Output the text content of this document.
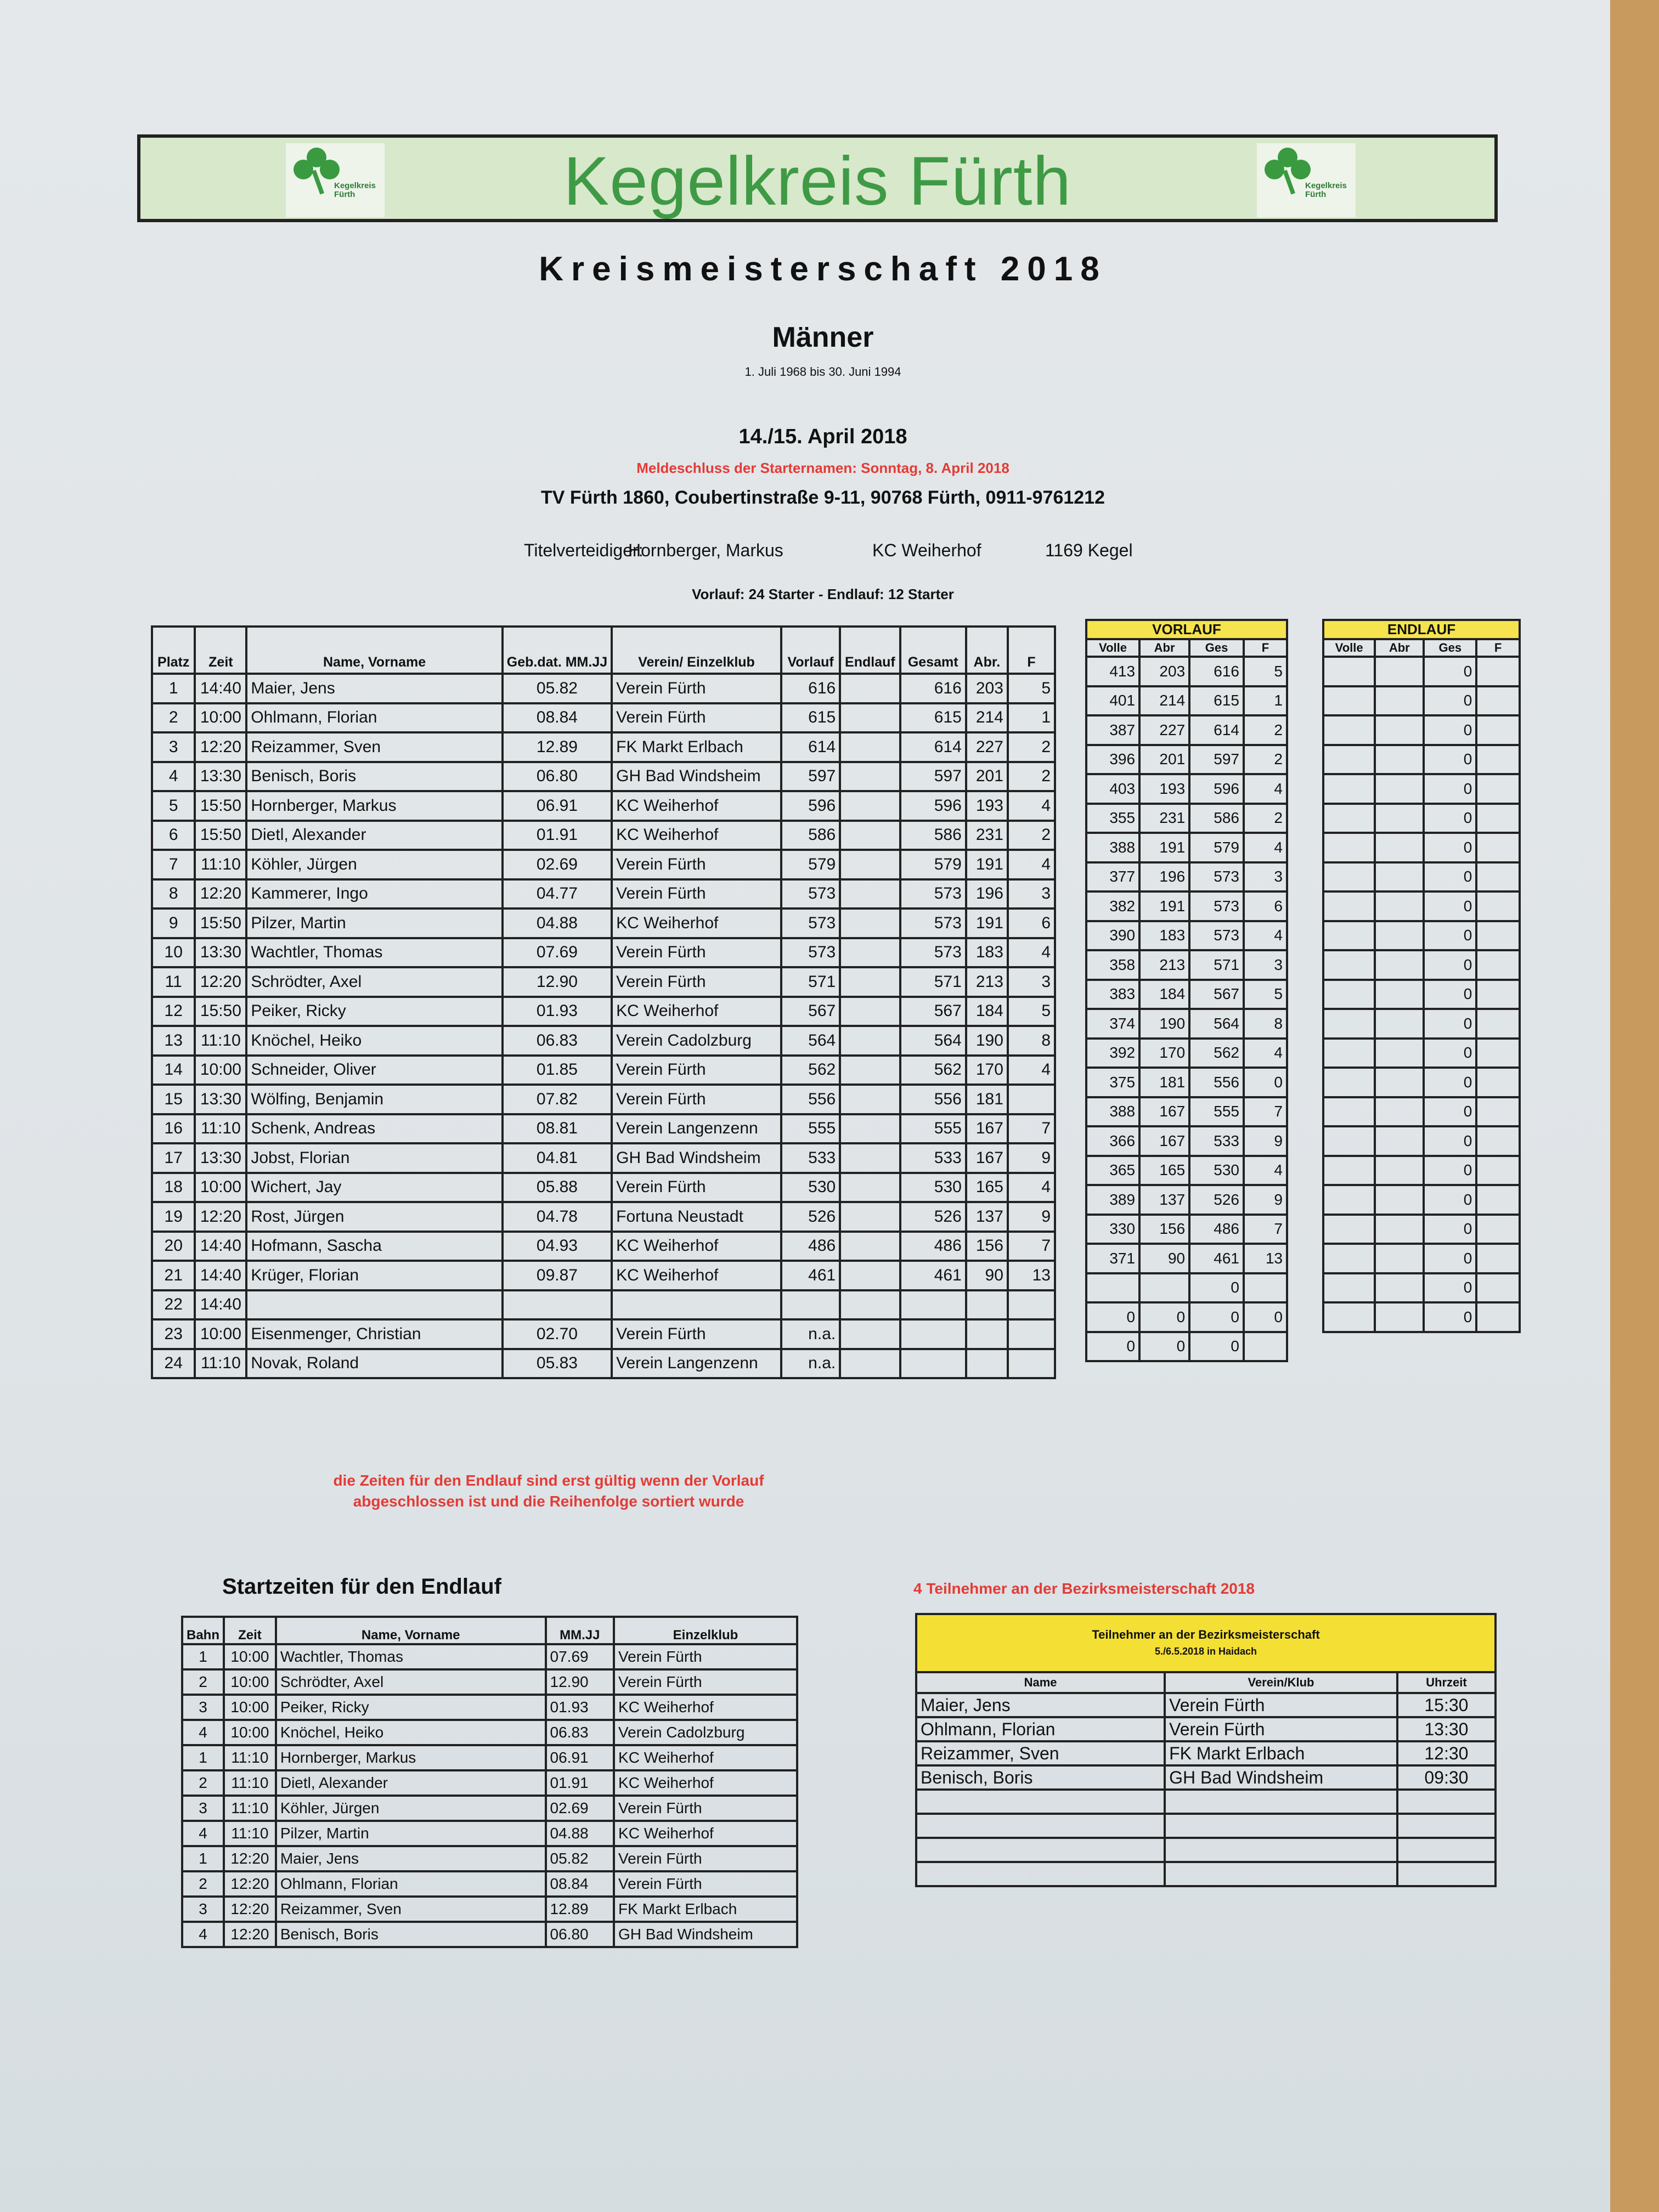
Kegelkreis Fürth	Kegelkreis Fürth	Kegelkreis Fürth
Kreismeisterschaft 2018
Männer
1. Juli 1968 bis 30. Juni 1994
14./15. April 2018
Meldeschluss der Starternamen: Sonntag, 8. April 2018
TV Fürth 1860, Coubertinstraße 9-11, 90768 Fürth, 0911-9761212
Titelverteidiger:
Hornberger, Markus	KC Weiherhof	1169 Kegel
Vorlauf: 24 Starter - Endlauf: 12 Starter
Platz	Zeit	Name, Vorname	Geb.dat. MM.JJ	Verein/ Einzelklub	Vorlauf	Endlauf	Gesamt	Abr.	F
1	14:40	Maier, Jens	05.82	Verein Fürth	616		616	203	5
2	10:00	Ohlmann, Florian	08.84	Verein Fürth	615		615	214	1
3	12:20	Reizammer, Sven	12.89	FK Markt Erlbach	614		614	227	2
4	13:30	Benisch, Boris	06.80	GH Bad Windsheim	597		597	201	2
5	15:50	Hornberger, Markus	06.91	KC Weiherhof	596		596	193	4
6	15:50	Dietl, Alexander	01.91	KC Weiherhof	586		586	231	2
7	11:10	Köhler, Jürgen	02.69	Verein Fürth	579		579	191	4
8	12:20	Kammerer, Ingo	04.77	Verein Fürth	573		573	196	3
9	15:50	Pilzer, Martin	04.88	KC Weiherhof	573		573	191	6
10	13:30	Wachtler, Thomas	07.69	Verein Fürth	573		573	183	4
11	12:20	Schrödter, Axel	12.90	Verein Fürth	571		571	213	3
12	15:50	Peiker, Ricky	01.93	KC Weiherhof	567		567	184	5
13	11:10	Knöchel, Heiko	06.83	Verein Cadolzburg	564		564	190	8
14	10:00	Schneider, Oliver	01.85	Verein Fürth	562		562	170	4
15	13:30	Wölfing, Benjamin	07.82	Verein Fürth	556		556	181	
16	11:10	Schenk, Andreas	08.81	Verein Langenzenn	555		555	167	7
17	13:30	Jobst, Florian	04.81	GH Bad Windsheim	533		533	167	9
18	10:00	Wichert, Jay	05.88	Verein Fürth	530		530	165	4
19	12:20	Rost, Jürgen	04.78	Fortuna Neustadt	526		526	137	9
20	14:40	Hofmann, Sascha	04.93	KC Weiherhof	486		486	156	7
21	14:40	Krüger, Florian	09.87	KC Weiherhof	461		461	90	13
22	14:40								
23	10:00	Eisenmenger, Christian	02.70	Verein Fürth	n.a.				
24	11:10	Novak, Roland	05.83	Verein Langenzenn	n.a.				
VORLAUF			
Volle	Abr	Ges	F
413	203	616	5
401	214	615	1
387	227	614	2
396	201	597	2
403	193	596	4
355	231	586	2
388	191	579	4
377	196	573	3
382	191	573	6
390	183	573	4
358	213	571	3
383	184	567	5
374	190	564	8
392	170	562	4
375	181	556	0
388	167	555	7
366	167	533	9
365	165	530	4
389	137	526	9
330	156	486	7
371	90	461	13
		0	
0	0	0	0
0	0	0	
ENDLAUF			
Volle	Abr	Ges	F
		0	
		0	
		0	
		0	
		0	
		0	
		0	
		0	
		0	
		0	
		0	
		0	
		0	
		0	
		0	
		0	
		0	
		0	
		0	
		0	
		0	
		0	
		0	
die Zeiten für den Endlauf sind erst gültig wenn der Vorlauf abgeschlossen ist und die Reihenfolge sortiert wurde
Startzeiten für den Endlauf
Bahn	Zeit	Name, Vorname	MM.JJ	Einzelklub
1	10:00	Wachtler, Thomas	07.69	Verein Fürth
2	10:00	Schrödter, Axel	12.90	Verein Fürth
3	10:00	Peiker, Ricky	01.93	KC Weiherhof
4	10:00	Knöchel, Heiko	06.83	Verein Cadolzburg
1	11:10	Hornberger, Markus	06.91	KC Weiherhof
2	11:10	Dietl, Alexander	01.91	KC Weiherhof
3	11:10	Köhler, Jürgen	02.69	Verein Fürth
4	11:10	Pilzer, Martin	04.88	KC Weiherhof
1	12:20	Maier, Jens	05.82	Verein Fürth
2	12:20	Ohlmann, Florian	08.84	Verein Fürth
3	12:20	Reizammer, Sven	12.89	FK Markt Erlbach
4	12:20	Benisch, Boris	06.80	GH Bad Windsheim
4 Teilnehmer an der Bezirksmeisterschaft 2018
Teilnehmer an der Bezirksmeisterschaft
5./6.5.2018 in Haidach		

Name	Verein/Klub	Uhrzeit
Maier, Jens	Verein Fürth	15:30
Ohlmann, Florian	Verein Fürth	13:30
Reizammer, Sven	FK Markt Erlbach	12:30
Benisch, Boris	GH Bad Windsheim	09:30
